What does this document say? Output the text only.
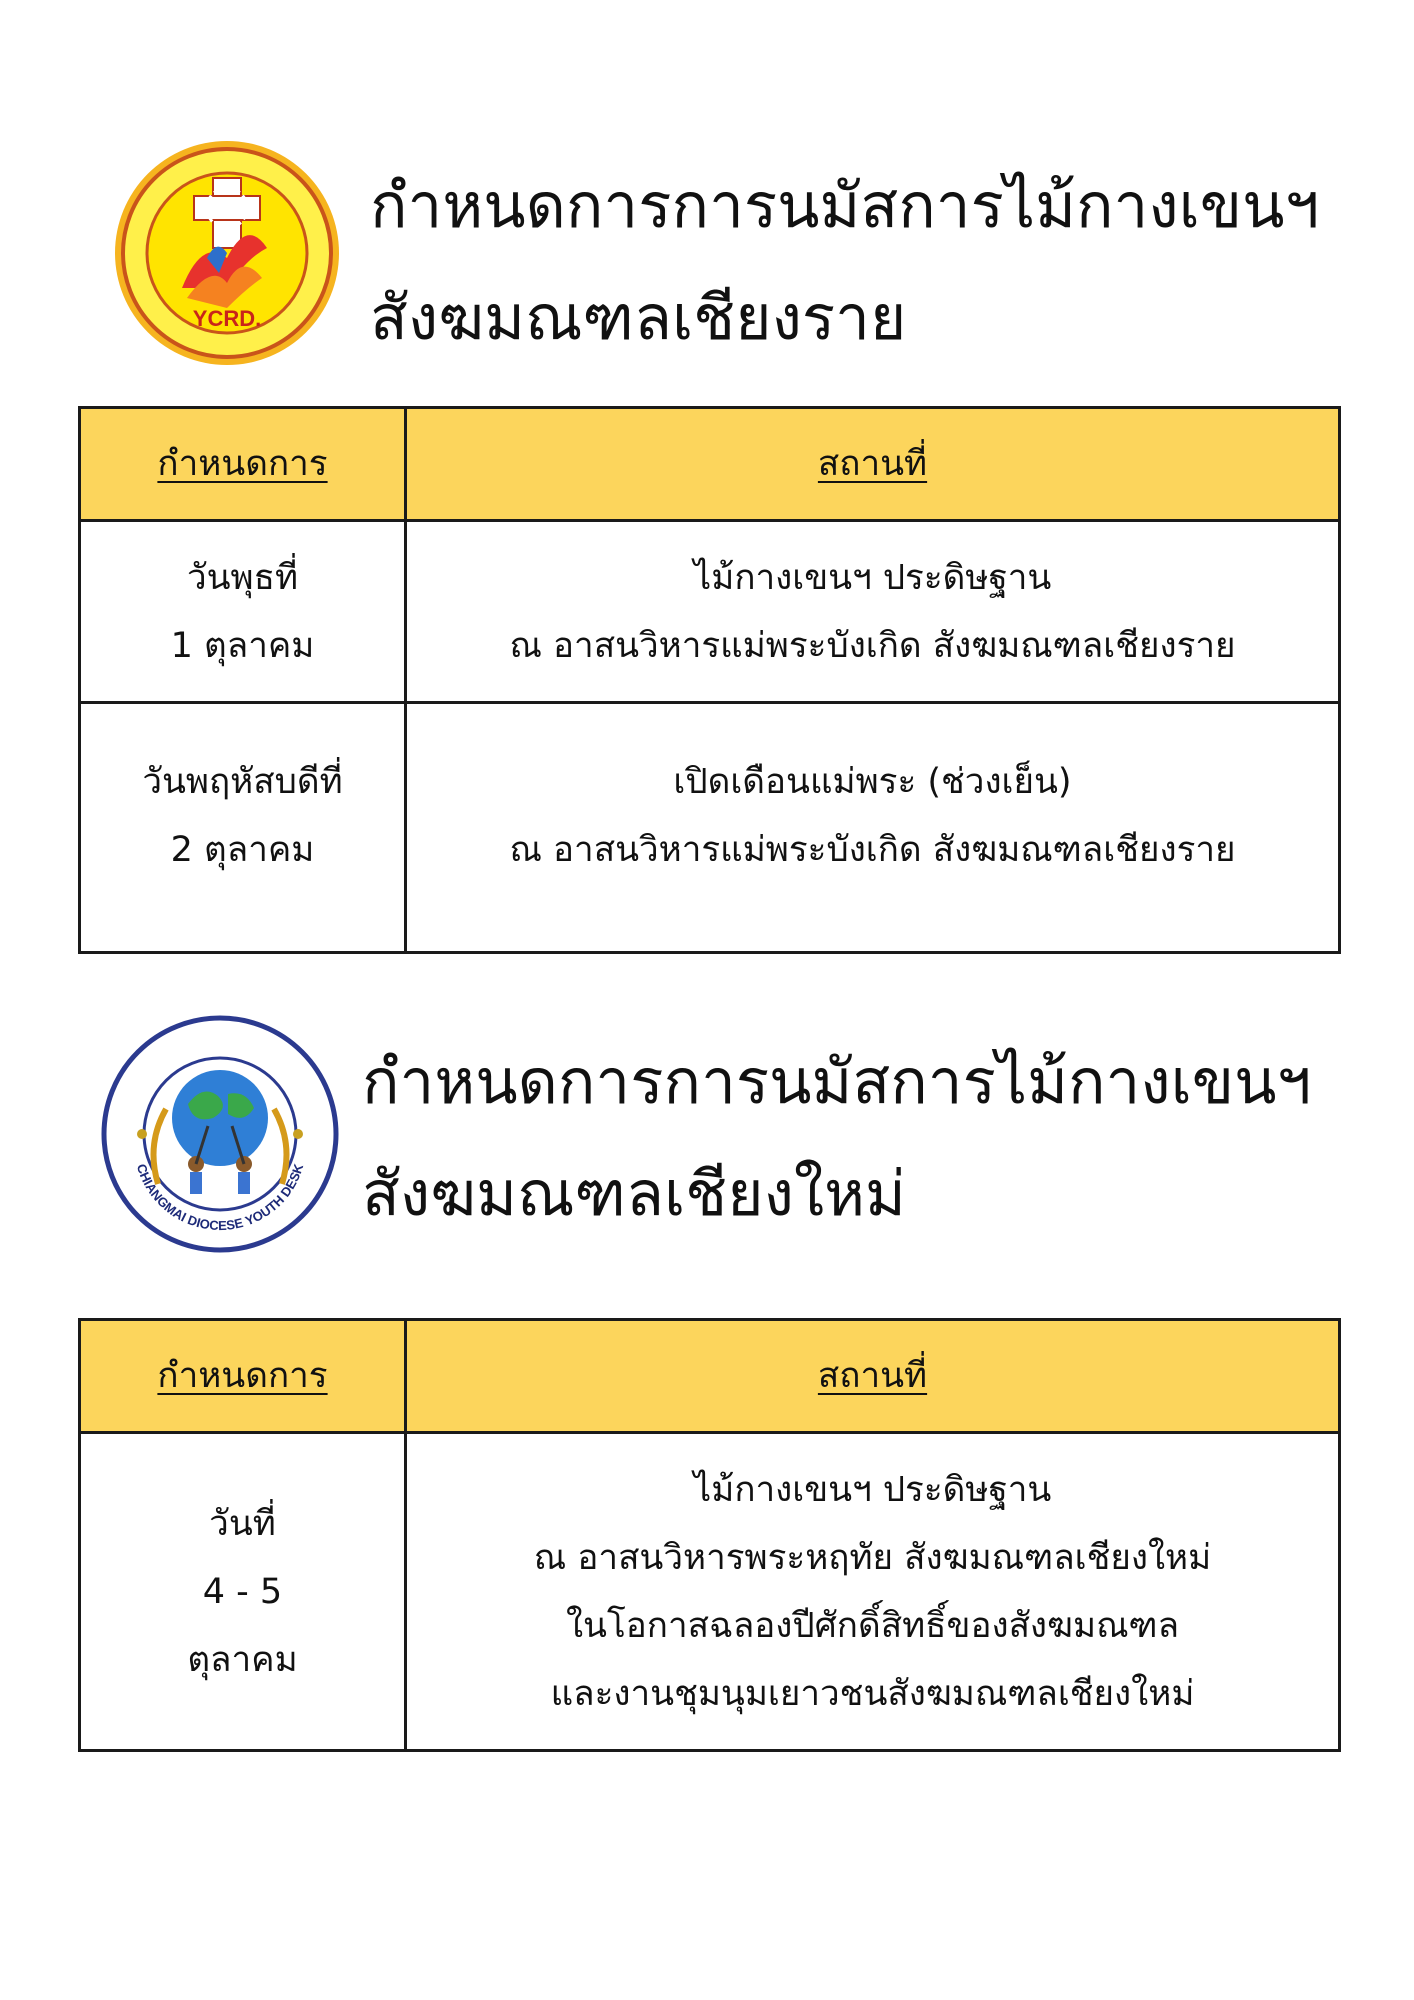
YCRD.
กำหนดการการนมัสการไม้กางเขนฯ
สังฆมณฑลเชียงราย
กำหนดการ	สถานที่

วันพุธที่
1 ตุลาคม	ไม้กางเขนฯ ประดิษฐาน
ณ อาสนวิหารแม่พระบังเกิด สังฆมณฑลเชียงราย

วันพฤหัสบดีที่
2 ตุลาคม	เปิดเดือนแม่พระ (ช่วงเย็น)
ณ อาสนวิหารแม่พระบังเกิด สังฆมณฑลเชียงราย
CHIANGMAI DIOCESE YOUTH DESK
กำหนดการการนมัสการไม้กางเขนฯ
สังฆมณฑลเชียงใหม่
กำหนดการ	สถานที่

วันที่
4 - 5
ตุลาคม	ไม้กางเขนฯ ประดิษฐาน
ณ อาสนวิหารพระหฤทัย สังฆมณฑลเชียงใหม่
ในโอกาสฉลองปีศักดิ์สิทธิ์ของสังฆมณฑล
และงานชุมนุมเยาวชนสังฆมณฑลเชียงใหม่
